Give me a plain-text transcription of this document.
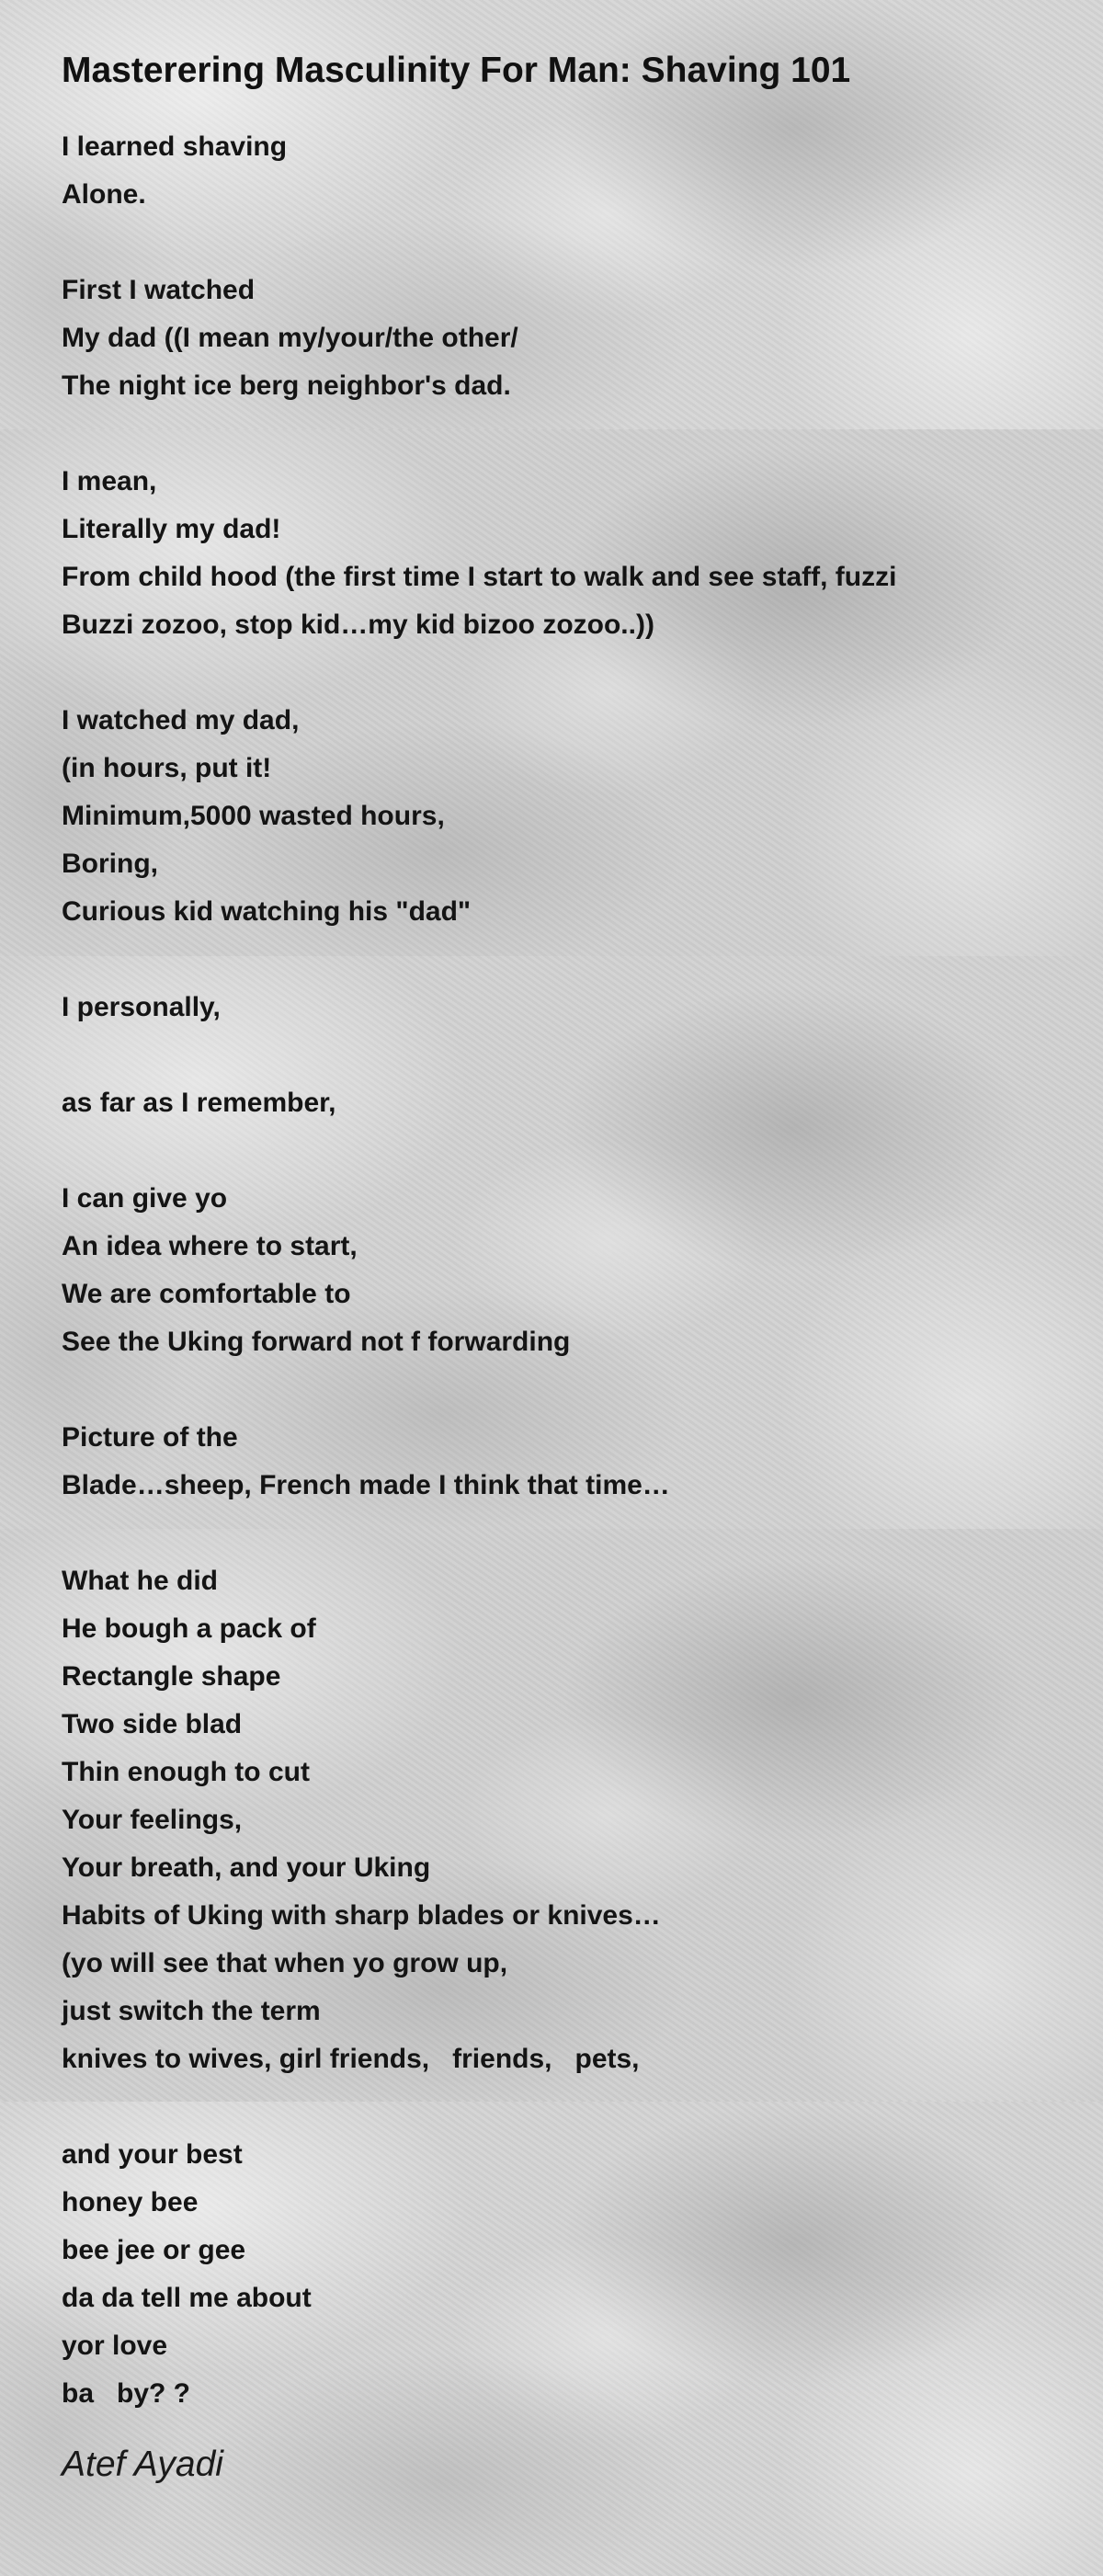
Masterering Masculinity For Man: Shaving 101
I learned shaving
Alone.
First I watched
My dad ((I mean my/your/the other/
The night ice berg neighbor's dad.
I mean,
Literally my dad!
From child hood (the first time I start to walk and see staff, fuzzi
Buzzi zozoo, stop kid…my kid bizoo zozoo..))
I watched my dad,
(in hours, put it!
Minimum,5000 wasted hours,
Boring,
Curious kid watching his "dad"
I personally,
as far as I remember,
I can give yo
An idea where to start,
We are comfortable to
See the Uking forward not f forwarding
Picture of the
Blade…sheep, French made I think that time…
What he did
He bough a pack of
Rectangle shape
Two side blad
Thin enough to cut
Your feelings,
Your breath, and your Uking
Habits of Uking with sharp blades or knives…
(yo will see that when yo grow up,
just switch the term
knives to wives, girl friends,   friends,   pets,
and your best
honey bee
bee jee or gee
da da tell me about
yor love
ba   by? ?
Atef Ayadi
